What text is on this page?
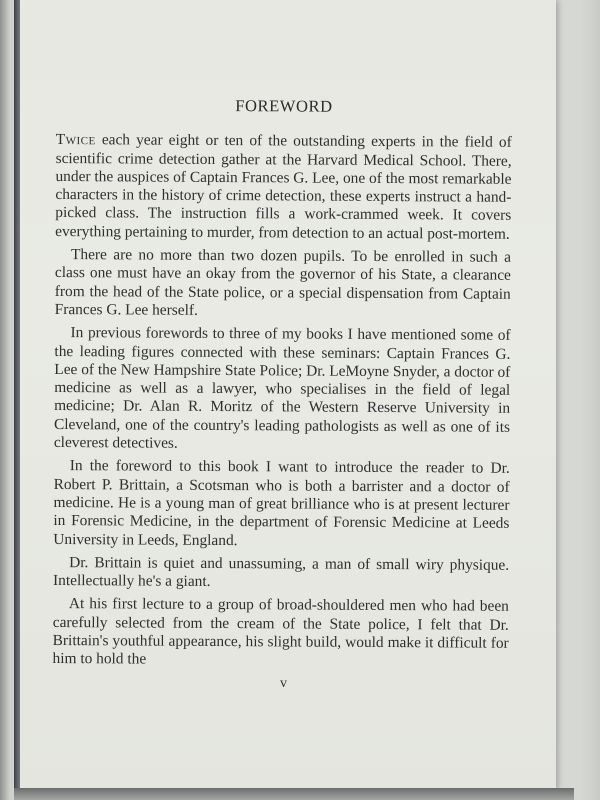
FOREWORD

Twice each year eight or ten of the outstanding experts in the field of scientific crime detection gather at the Harvard Medical School. There, under the auspices of Captain Frances G. Lee, one of the most remarkable characters in the history of crime detection, these experts instruct a hand-picked class. The instruction fills a work-crammed week. It covers everything pertaining to murder, from detection to an actual post-mortem.

There are no more than two dozen pupils. To be enrolled in such a class one must have an okay from the governor of his State, a clearance from the head of the State police, or a special dispensation from Captain Frances G. Lee herself.

In previous forewords to three of my books I have mentioned some of the leading figures connected with these seminars: Captain Frances G. Lee of the New Hampshire State Police; Dr. LeMoyne Snyder, a doctor of medicine as well as a lawyer, who specialises in the field of legal medicine; Dr. Alan R. Moritz of the Western Reserve University in Cleveland, one of the country's leading pathologists as well as one of its cleverest detectives.

In the foreword to this book I want to introduce the reader to Dr. Robert P. Brittain, a Scotsman who is both a barrister and a doctor of medicine. He is a young man of great brilliance who is at present lecturer in Forensic Medicine, in the department of Forensic Medicine at Leeds University in Leeds, England.

Dr. Brittain is quiet and unassuming, a man of small wiry physique. Intellectually he's a giant.

At his first lecture to a group of broad-shouldered men who had been carefully selected from the cream of the State police, I felt that Dr. Brittain's youthful appearance, his slight build, would make it difficult for him to hold the

v
